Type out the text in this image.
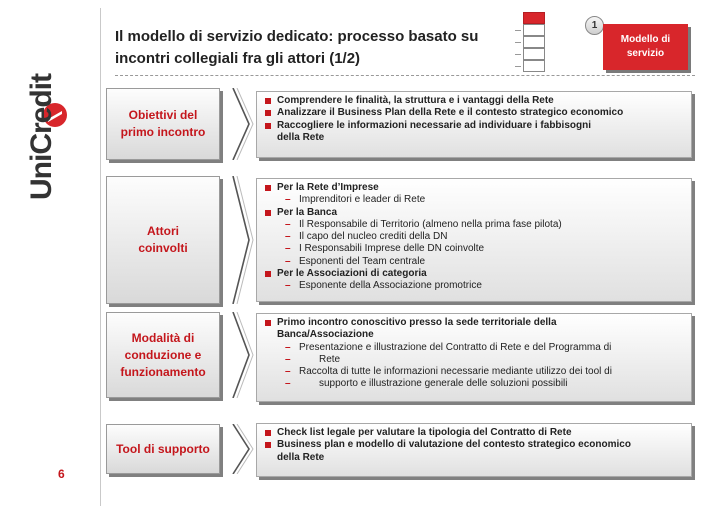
UniCredit
6
Il modello di servizio dedicato: processo basato su
incontri collegiali fra gli attori (1/2)
1
Modello di
servizio
Obiettivi del
primo incontro

Comprendere le finalità, la struttura e i vantaggi della Rete

Analizzare il Business Plan della Rete e il contesto strategico economico

Raccogliere le informazioni necessarie ad individuare i fabbisogni
della Rete

Attori
coinvolti

Per la Rete d’Imprese

– Imprenditori e leader di Rete

Per la Banca

– Il Responsabile di Territorio (almeno nella prima fase pilota)

– Il capo del nucleo crediti della DN

– I Responsabili Imprese delle DN coinvolte

– Esponenti del Team centrale

Per le Associazioni di categoria

– Esponente della Associazione promotrice

Modalità di
conduzione e
funzionamento

Primo incontro conoscitivo presso la sede territoriale della
Banca/Associazione

– Presentazione e illustrazione del Contratto di Rete e del Programma di

– Rete

– Raccolta di tutte le informazioni necessarie mediante utilizzo dei tool di

– supporto e illustrazione generale delle soluzioni possibili

Tool di supporto

Check list legale per valutare la tipologia del Contratto di Rete

Business plan e modello di valutazione del contesto strategico economico
della Rete
